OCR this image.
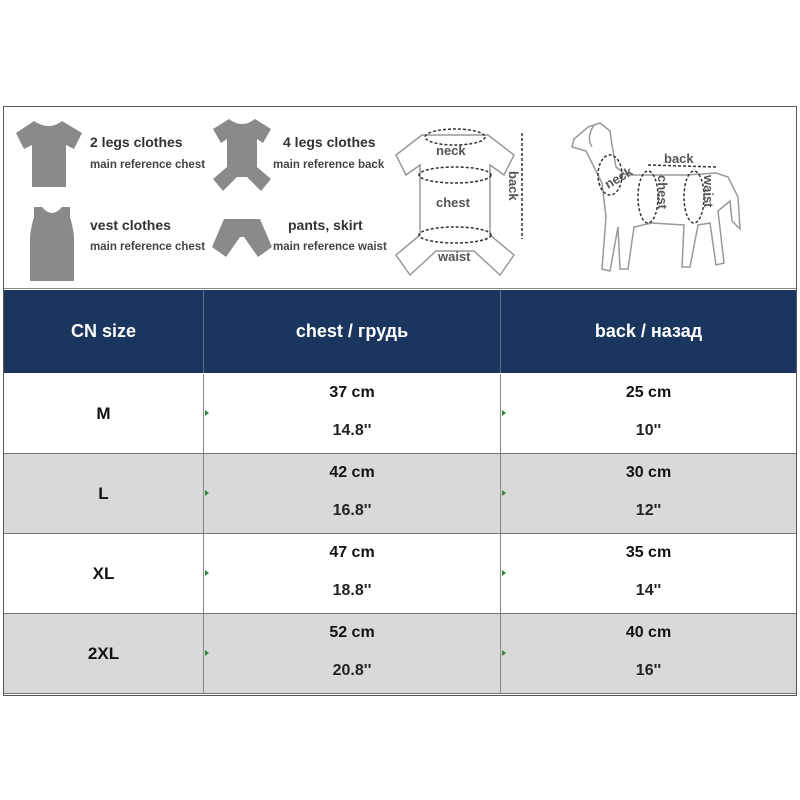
2 legs clothes
main reference chest
4 legs clothes
main reference back
vest clothes
main reference chest
pants, skirt
main reference waist
neck
chest
waist
back
back
neck chest waist
CN size	chest / грудь	back / назад
M
37 cm
14.8''
25 cm
10''
L
42 cm
16.8''
30 cm
12''
XL
47 cm
18.8''
35 cm
14''
2XL
52 cm
20.8''
40 cm
16''
